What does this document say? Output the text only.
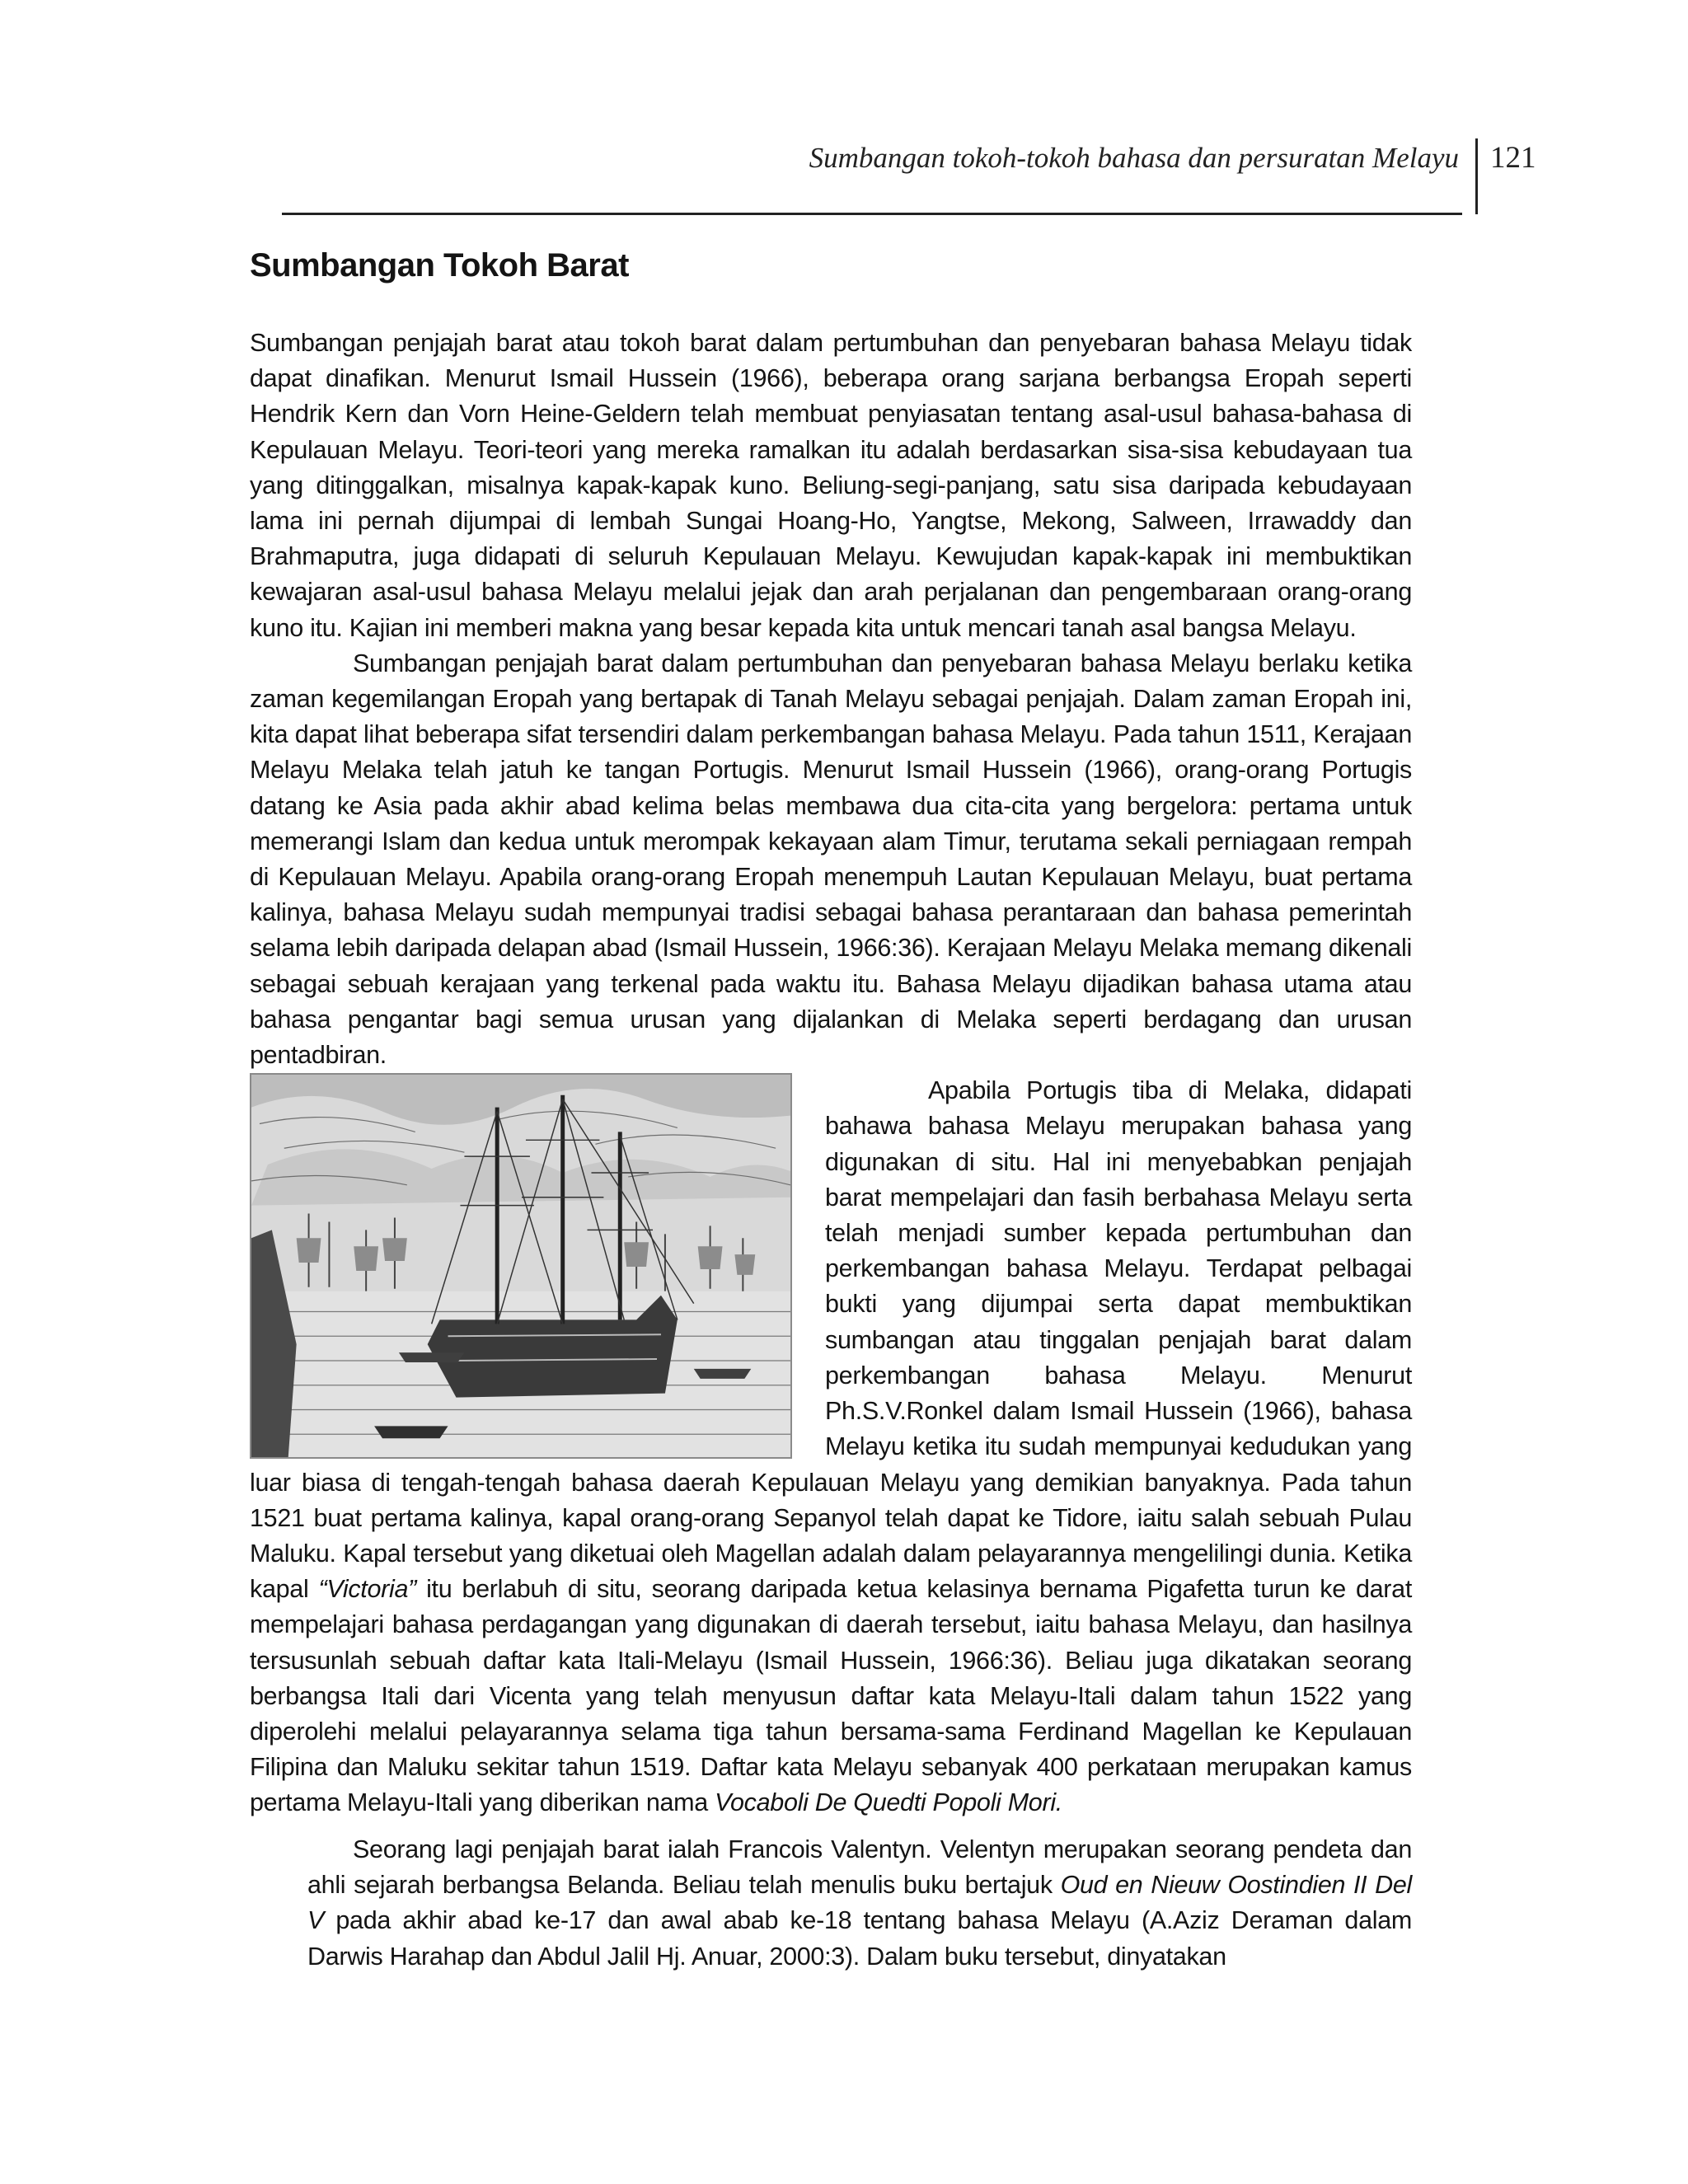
Sumbangan tokoh-tokoh bahasa dan persuratan Melayu 121
Sumbangan Tokoh Barat

Sumbangan penjajah barat atau tokoh barat dalam pertumbuhan dan penyebaran bahasa Melayu tidak dapat dinafikan. Menurut Ismail Hussein (1966), beberapa orang sarjana berbangsa Eropah seperti Hendrik Kern dan Vorn Heine-Geldern telah membuat penyiasatan tentang asal-usul bahasa-bahasa di Kepulauan Melayu. Teori-teori yang mereka ramalkan itu adalah berdasarkan sisa-sisa kebudayaan tua yang ditinggalkan, misalnya kapak-kapak kuno. Beliung-segi-panjang, satu sisa daripada kebudayaan lama ini pernah dijumpai di lembah Sungai Hoang-Ho, Yangtse, Mekong, Salween, Irrawaddy dan Brahmaputra, juga didapati di seluruh Kepulauan Melayu. Kewujudan kapak-kapak ini membuktikan kewajaran asal-usul bahasa Melayu melalui jejak dan arah perjalanan dan pengembaraan orang-orang kuno itu. Kajian ini memberi makna yang besar kepada kita untuk mencari tanah asal bangsa Melayu.

Sumbangan penjajah barat dalam pertumbuhan dan penyebaran bahasa Melayu berlaku ketika zaman kegemilangan Eropah yang bertapak di Tanah Melayu sebagai penjajah. Dalam zaman Eropah ini, kita dapat lihat beberapa sifat tersendiri dalam perkembangan bahasa Melayu. Pada tahun 1511, Kerajaan Melayu Melaka telah jatuh ke tangan Portugis. Menurut Ismail Hussein (1966), orang-orang Portugis datang ke Asia pada akhir abad kelima belas membawa dua cita-cita yang bergelora: pertama untuk memerangi Islam dan kedua untuk merompak kekayaan alam Timur, terutama sekali perniagaan rempah di Kepulauan Melayu. Apabila orang-orang Eropah menempuh Lautan Kepulauan Melayu, buat pertama kalinya, bahasa Melayu sudah mempunyai tradisi sebagai bahasa perantaraan dan bahasa pemerintah selama lebih daripada delapan abad (Ismail Hussein, 1966:36). Kerajaan Melayu Melaka memang dikenali sebagai sebuah kerajaan yang terkenal pada waktu itu. Bahasa Melayu dijadikan bahasa utama atau bahasa pengantar bagi semua urusan yang dijalankan di Melaka seperti berdagang dan urusan pentadbiran.

Apabila Portugis tiba di Melaka, didapati bahawa bahasa Melayu merupakan bahasa yang digunakan di situ. Hal ini menyebabkan penjajah barat mempelajari dan fasih berbahasa Melayu serta telah menjadi sumber kepada pertumbuhan dan perkembangan bahasa Melayu. Terdapat pelbagai bukti yang dijumpai serta dapat membuktikan sumbangan atau tinggalan penjajah barat dalam perkembangan bahasa Melayu. Menurut Ph.S.V.Ronkel dalam Ismail Hussein (1966), bahasa Melayu ketika itu sudah mempunyai kedudukan yang luar biasa di tengah-tengah bahasa daerah Kepulauan Melayu yang demikian banyaknya. Pada tahun 1521 buat pertama kalinya, kapal orang-orang Sepanyol telah dapat ke Tidore, iaitu salah sebuah Pulau Maluku. Kapal tersebut yang diketuai oleh Magellan adalah dalam pelayarannya mengelilingi dunia. Ketika kapal “Victoria” itu berlabuh di situ, seorang daripada ketua kelasinya bernama Pigafetta turun ke darat mempelajari bahasa perdagangan yang digunakan di daerah tersebut, iaitu bahasa Melayu, dan hasilnya tersusunlah sebuah daftar kata Itali-Melayu (Ismail Hussein, 1966:36). Beliau juga dikatakan seorang berbangsa Itali dari Vicenta yang telah menyusun daftar kata Melayu-Itali dalam tahun 1522 yang diperolehi melalui pelayarannya selama tiga tahun bersama-sama Ferdinand Magellan ke Kepulauan Filipina dan Maluku sekitar tahun 1519. Daftar kata Melayu sebanyak 400 perkataan merupakan kamus pertama Melayu-Itali yang diberikan nama Vocaboli De Quedti Popoli Mori.

Seorang lagi penjajah barat ialah Francois Valentyn. Velentyn merupakan seorang pendeta dan ahli sejarah berbangsa Belanda. Beliau telah menulis buku bertajuk Oud en Nieuw Oostindien II Del V pada akhir abad ke-17 dan awal abab ke-18 tentang bahasa Melayu (A.Aziz Deraman dalam Darwis Harahap dan Abdul Jalil Hj. Anuar, 2000:3). Dalam buku tersebut, dinyatakan
